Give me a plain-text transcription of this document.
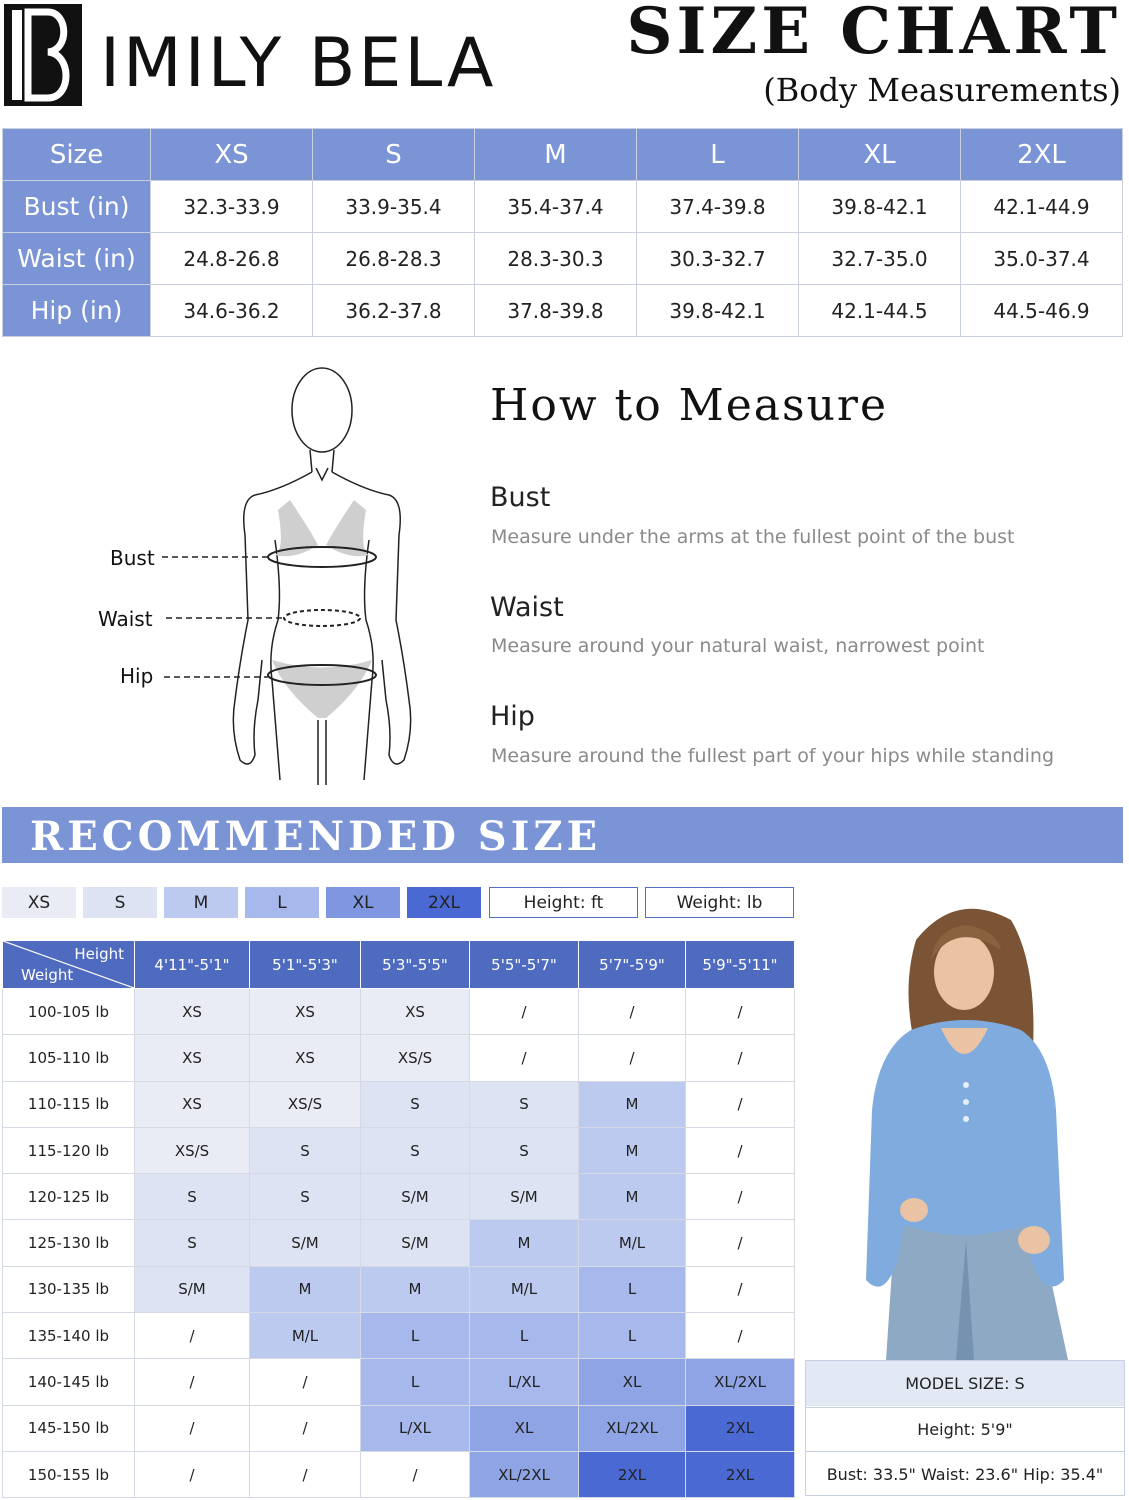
IMILY BELA SIZE CHART
(Body Measurements)
Size	XS	S	M	L	XL	2XL
Bust (in)	32.3-33.9	33.9-35.4	35.4-37.4	37.4-39.8	39.8-42.1	42.1-44.9
Waist (in)	24.8-26.8	26.8-28.3	28.3-30.3	30.3-32.7	32.7-35.0	35.0-37.4
Hip (in)	34.6-36.2	36.2-37.8	37.8-39.8	39.8-42.1	42.1-44.5	44.5-46.9
Bust
Waist
Hip
How to Measure
Bust
Measure under the arms at the fullest point of the bust
Waist
Measure around your natural waist, narrowest point
Hip
Measure around the fullest part of your hips while standing
RECOMMENDED SIZE
XS	S	M	L	XL	2XL	Height: ft	Weight: lb
Height
Weight	4'11"-5'1"	5'1"-5'3"	5'3"-5'5"	5'5"-5'7"	5'7"-5'9"	5'9"-5'11"
100-105 lb	XS	XS	XS	/	/	/
105-110 lb	XS	XS	XS/S	/	/	/
110-115 lb	XS	XS/S	S	S	M	/
115-120 lb	XS/S	S	S	S	M	/
120-125 lb	S	S	S/M	S/M	M	/
125-130 lb	S	S/M	S/M	M	M/L	/
130-135 lb	S/M	M	M	M/L	L	/
135-140 lb	/	M/L	L	L	L	/
140-145 lb	/	/	L	L/XL	XL	XL/2XL
145-150 lb	/	/	L/XL	XL	XL/2XL	2XL
150-155 lb	/	/	/	XL/2XL	2XL	2XL
MODEL SIZE: S
Height: 5'9"
Bust: 33.5" Waist: 23.6" Hip: 35.4"
